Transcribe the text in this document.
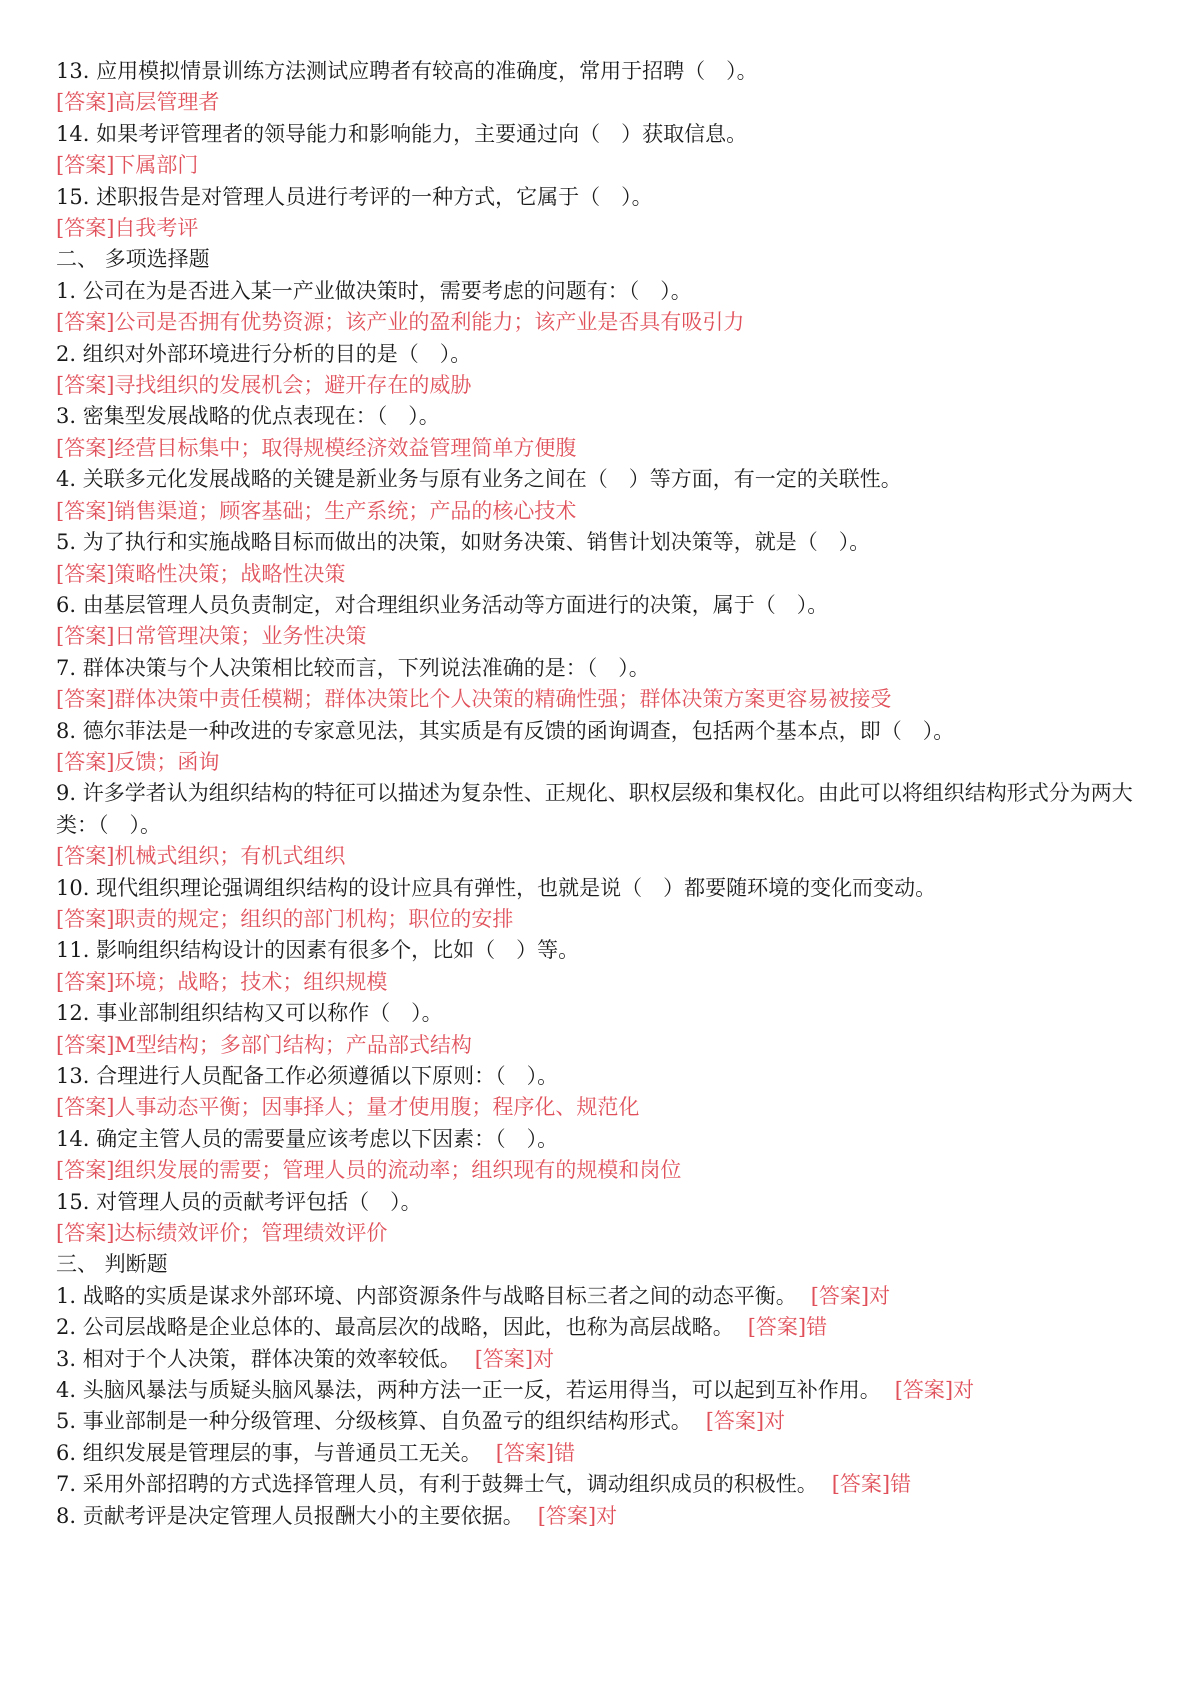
13. 应用模拟情景训练方法测试应聘者有较高的准确度，常用于招聘（　）。
[答案]高层管理者
14. 如果考评管理者的领导能力和影响能力，主要通过向（　）获取信息。
[答案]下属部门
15. 述职报告是对管理人员进行考评的一种方式，它属于（　）。
[答案]自我考评
二、 多项选择题
1. 公司在为是否进入某一产业做决策时，需要考虑的问题有：（　）。
[答案]公司是否拥有优势资源；该产业的盈利能力；该产业是否具有吸引力
2. 组织对外部环境进行分析的目的是（　）。
[答案]寻找组织的发展机会；避开存在的威胁
3. 密集型发展战略的优点表现在：（　）。
[答案]经营目标集中；取得规模经济效益管理简单方便腹
4. 关联多元化发展战略的关键是新业务与原有业务之间在（　）等方面，有一定的关联性。
[答案]销售渠道；顾客基础；生产系统；产品的核心技术
5. 为了执行和实施战略目标而做出的决策，如财务决策、销售计划决策等，就是（　）。
[答案]策略性决策；战略性决策
6. 由基层管理人员负责制定，对合理组织业务活动等方面进行的决策，属于（　）。
[答案]日常管理决策；业务性决策
7. 群体决策与个人决策相比较而言，下列说法准确的是：（　）。
[答案]群体决策中责任模糊；群体决策比个人决策的精确性强；群体决策方案更容易被接受
8. 德尔菲法是一种改进的专家意见法，其实质是有反馈的函询调查，包括两个基本点，即（　）。
[答案]反馈；函询
9. 许多学者认为组织结构的特征可以描述为复杂性、正规化、职权层级和集权化。由此可以将组织结构形式分为两大类：（　）。
[答案]机械式组织；有机式组织
10. 现代组织理论强调组织结构的设计应具有弹性，也就是说（　）都要随环境的变化而变动。
[答案]职责的规定；组织的部门机构；职位的安排
11. 影响组织结构设计的因素有很多个，比如（　）等。
[答案]环境；战略；技术；组织规模
12. 事业部制组织结构又可以称作（　）。
[答案]M型结构；多部门结构；产品部式结构
13. 合理进行人员配备工作必须遵循以下原则：（　）。
[答案]人事动态平衡；因事择人；量才使用腹；程序化、规范化
14. 确定主管人员的需要量应该考虑以下因素：（　）。
[答案]组织发展的需要；管理人员的流动率；组织现有的规模和岗位
15. 对管理人员的贡献考评包括（　）。
[答案]达标绩效评价；管理绩效评价
三、 判断题
1. 战略的实质是谋求外部环境、内部资源条件与战略目标三者之间的动态平衡。 [答案]对
2. 公司层战略是企业总体的、最高层次的战略，因此，也称为高层战略。 [答案]错
3. 相对于个人决策，群体决策的效率较低。 [答案]对
4. 头脑风暴法与质疑头脑风暴法，两种方法一正一反，若运用得当，可以起到互补作用。 [答案]对
5. 事业部制是一种分级管理、分级核算、自负盈亏的组织结构形式。 [答案]对
6. 组织发展是管理层的事，与普通员工无关。 [答案]错
7. 采用外部招聘的方式选择管理人员，有利于鼓舞士气，调动组织成员的积极性。 [答案]错
8. 贡献考评是决定管理人员报酬大小的主要依据。 [答案]对
